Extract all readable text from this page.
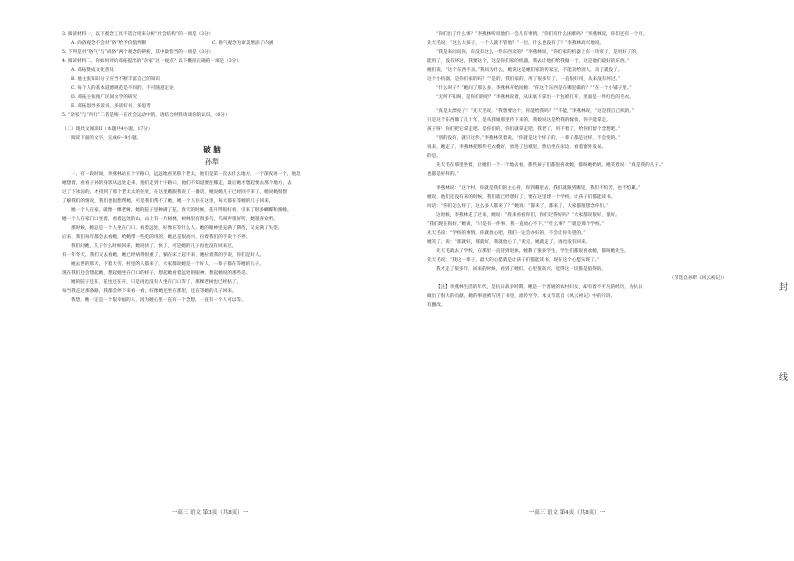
3. 阅读材料一，以下观念工具不适合用来分析“社会结构”的一项是（3分）

A. 尚俗观念不会对“俗”给予价值判断	C. 俗气观念为审美增添了内涵

5. 下列是对“俗气”与“尚俗”两个观念的辨析，其中最恰当的一项是（3分）

4. 阅读材料二，你如何评价邓拓提出的“杂家”这一观点？以下概括正确的一项是（3分）

A. 邓拓赞成文化普及

B. 他主张知识分子应当不断丰富自己的知识

C. 每个人的基本道德规范是不同的，不可随意定论

D. 邓拓主张推广民间文学的研究

E. 邓拓倡导多读书，多读好书，多思考

5. “杂家”与“内行”二者是统一在社会运动中的，请结合材料谈谈你的认识。（6分）

（二）现代文阅读II（本题共4小题，17分）

阅读下面的文字，完成6～9小题。

破 脑

孙犁

一、有一段时间，李燕林站在十字路口，远远地看见那个老太，他们是第一次去什么地方，一个深夜再一个，他急

她想着，看看子孙的身影从远处走来，他们走到十字路口，他们不知道要往哪走，最后她才想起要去那个地方，去

过了下冰涼的，才找到了那个老太太的住处，在这里她跟我说了一番话，她说她儿子已经回不来了，她说她很想

了解我们的情况，我们也很想帮她，可是我们帮不了她，她一个人住在这里，每天都在等她的儿子回来。

她一个人在家，就像一棵老树。她的院子里种满了花，春天的时候，花开得很好看，引来了很多蝴蝶和蜜蜂。

她一个人在家门口坐着，看着远处的山，山上有一片树林，树林里有很多鸟，鸟叫声很好听，她很喜欢听。

那时候，她总是一个人坐在门口，看着远处，好像在等什么人。她的眼神里充满了期待，又充满了失望。

后来，我们每年都会去看她，给她带一些吃的用的，她总是很高兴，拉着我们的手说个不停。

我们问她，儿子什么时候回来，她说快了，快了，可是她的儿子再也没有回来过。

有一年冬天，我们又去看她，她已经病得很重了，躺在床上起不来，她拉着我的手说，你们是好人。

她去世的那天，下着大雪，村里的人都来了，大家都说她是一个好人，一辈子都在等她的儿子。

现在我们还会想起她，想起她坐在门口的样子，想起她看着远处的眼神，想起她说的那些话。

她的院子还在，花也还在开，只是再也没有人坐在门口等了，那棵老树也已经枯了。

每当我走过那条路，我都会停下来看一看，好像她还坐在那里，还在等她的儿子回来。

我想，她一定是一个很幸福的人，因为她心里一直有一个念想，一直有一个人可以等。

一高三 语文 第3页（共8页）一

“你们出了什么事？”李燕林听说他们一会儿有事情，“你们有什么困难吗？”李燕林说，你们还有一个月。

先天毛说：“这么大孩子，一个人就不管他？”一位，什么也没有了？”李燕林高兴地说。

“我是来问问你，有没有这么一件东西卖的？”李燕林说，“你们家的机器上有一块帘子，是用好了的。

能用了，没有坏过，我要这个，这是你们家的机器，我去让他们给我做一个，这是他们最好的东西。”

她们说，“这个东西不卖。”我问为什么，她说这是她们家的传家宝，不能卖给别人，卖了就没了。

这个小机器，是你们家的吗？”“是的，我们家的，用了很多年了，一直很好用，从来没有坏过。”

“什么叫子？”她问了那么多，李燕林开始问她：“你这个东西是在哪里做的？”“在一个小铺子里。”

“无所不知呀，是你们的吧？”李燕林说着，从床底下拿出一个包袱打开，里面是一件红色的毛衣。

“真是太漂亮了！”先天毛说，“我想要这个，你能给我吗？”“不能，”李燕林说，“这是我自己织的。”

只是这个东西做了几十年，是从我娘那里传下来的，我娘说这是给我的嫁妆，你不能拿走。

孩子呀！你们把它拿走吧。是你们的，你们就拿走吧，我老了，用不着了，给你们留个念想吧。”

“别的没有，就只这件。”李燕林笑着说。“你就是这个样子的，一辈子都是这样，不会变的。”

说来，她走了，李燕林把那件毛衣叠好，放进了包袱里，然后坐在床边，看着窗外发呆。

的是。

先天毛在那里坐着，让她们一个一个地去看，那些孩子们都很喜欢她，都叫她奶奶。她笑着说：“真是我的儿子。”

也都是好样的。”

李燕林说：“这个村，你就是我们的主心骨，你到哪里去，我们就跟到哪里，我们不怕苦，也不怕累。”

她说，他们还没有来的时候，我们就已经想好了，要在这里建一个学校，让孩子们都能读书。

问话：“你们怎么样了，这么多人都来了？”她说：“都来了，都来了，大家都很想念你们。”

这时候，李燕林走了过来，她说：“我来看看你们，你们过得好吗？”大家都说很好，很好。

“我们现在很好，”她说，“只是有一件事，我一直放心不下。”“什么事？”“就是那个学校。”

先天毛说：“学校的事情，你就放心吧，我们一定会办好的，不会让你失望的。”

她笑了，说：“那就好，那就好，我就放心了。”说完，她就走了，再也没有回来。

先天毛就去了学校，在那里一直待到退休。她教了很多学生，学生们都很喜欢她，都叫她先生。

先天毛说：“我这一辈子，最大的心愿就是让孩子们都能读书，现在这个心愿实现了。”

我才走了很多年，回来的时候，看到了她们，心里很高兴，觉得这一切都是值得的。

（节选自孙犁《风云初记》）

【注】李燕林生活的年代，是抗日战争时期。她是一个普通的农村妇女，却有着不平凡的经历，为抗日

做出了很大的贡献，她的事迹被写进了书里，流传至今。本文节选自《风云初记》中的片段，

有删改。

一高三 语文 第4页（共8页）一
封
线
